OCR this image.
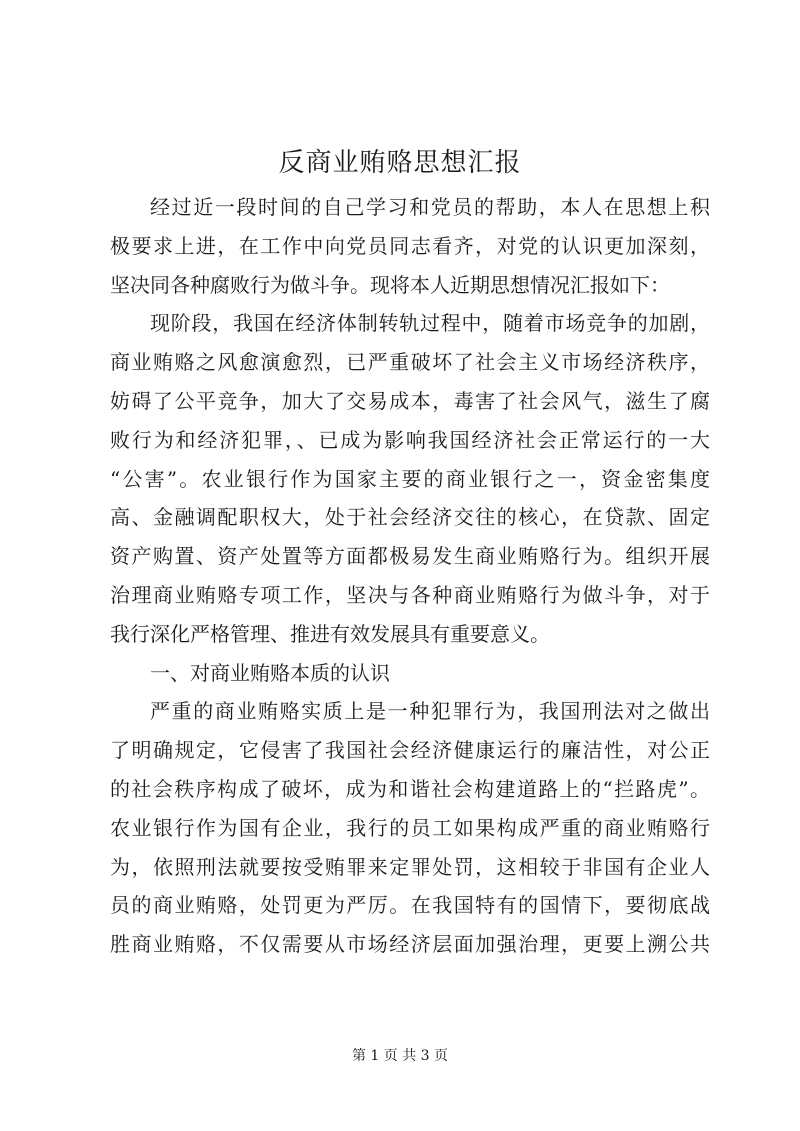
反商业贿赂思想汇报
经过近一段时间的自己学习和党员的帮助，本人在思想上积
极要求上进，在工作中向党员同志看齐，对党的认识更加深刻，
坚决同各种腐败行为做斗争。现将本人近期思想情况汇报如下：
现阶段，我国在经济体制转轨过程中，随着市场竞争的加剧，
商业贿赂之风愈演愈烈，已严重破坏了社会主义市场经济秩序，
妨碍了公平竞争，加大了交易成本，毒害了社会风气，滋生了腐
败行为和经济犯罪，、已成为影响我国经济社会正常运行的一大
“公害”。农业银行作为国家主要的商业银行之一，资金密集度
高、金融调配职权大，处于社会经济交往的核心，在贷款、固定
资产购置、资产处置等方面都极易发生商业贿赂行为。组织开展
治理商业贿赂专项工作，坚决与各种商业贿赂行为做斗争，对于
我行深化严格管理、推进有效发展具有重要意义。
一、对商业贿赂本质的认识
严重的商业贿赂实质上是一种犯罪行为，我国刑法对之做出
了明确规定，它侵害了我国社会经济健康运行的廉洁性，对公正
的社会秩序构成了破坏，成为和谐社会构建道路上的“拦路虎”。
农业银行作为国有企业，我行的员工如果构成严重的商业贿赂行
为，依照刑法就要按受贿罪来定罪处罚，这相较于非国有企业人
员的商业贿赂，处罚更为严厉。在我国特有的国情下，要彻底战
胜商业贿赂，不仅需要从市场经济层面加强治理，更要上溯公共
第 1 页 共 3 页
